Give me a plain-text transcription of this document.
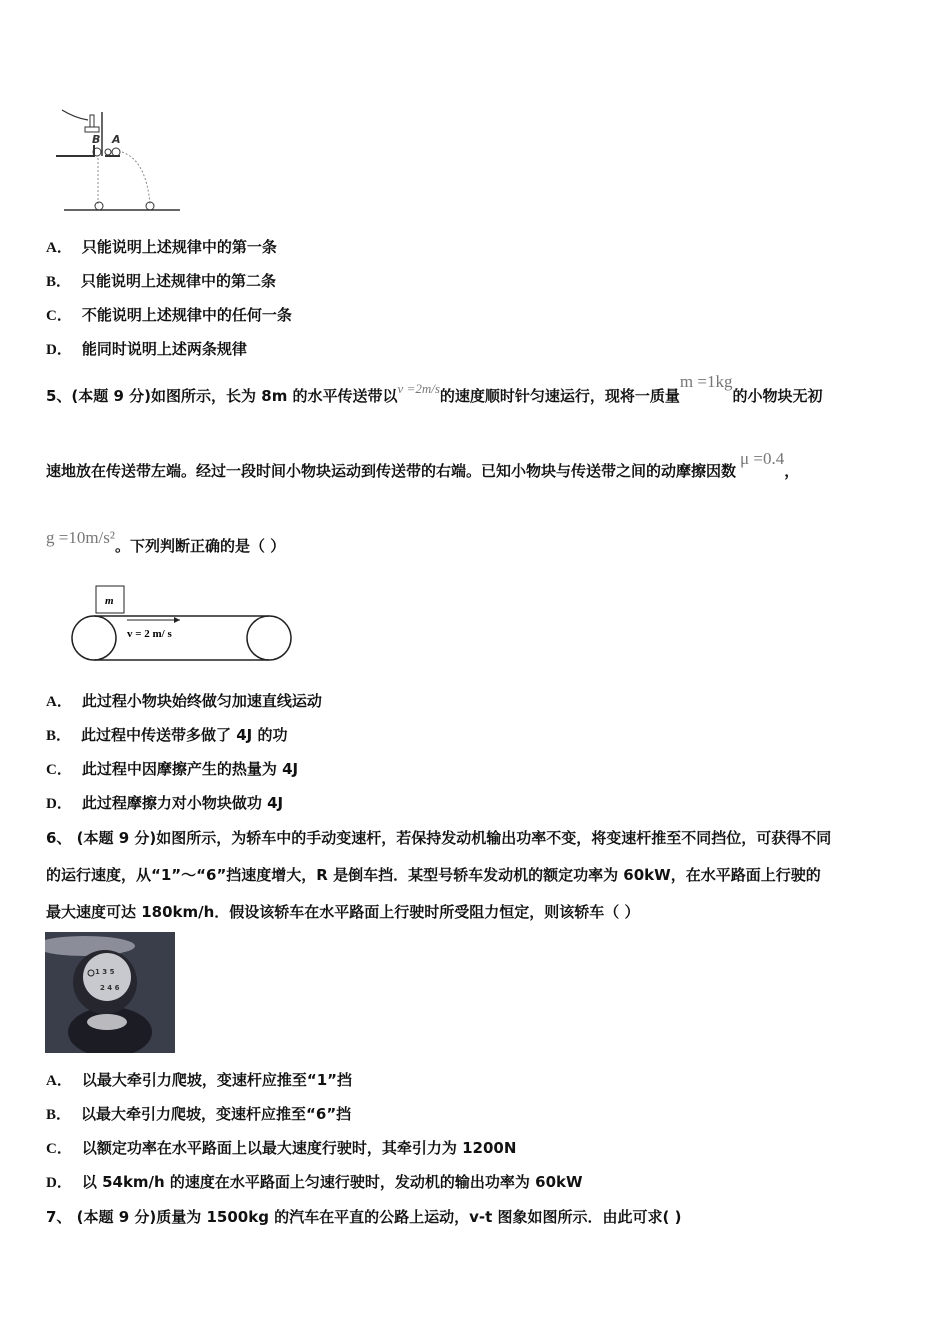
B A
A． 只能说明上述规律中的第一条
B． 只能说明上述规律中的第二条
C． 不能说明上述规律中的任何一条
D． 能同时说明上述两条规律
5、(本题 9 分)如图所示，长为 8m 的水平传送带以v =2m/s的速度顺时针匀速运行，现将一质量m =1kg的小物块无初
速地放在传送带左端。经过一段时间小物块运动到传送带的右端。已知小物块与传送带之间的动摩擦因数μ =0.4，
g =10m/s²。下列判断正确的是（ ）
m
v = 2 m/ s
A． 此过程小物块始终做匀加速直线运动
B． 此过程中传送带多做了 4J 的功
C． 此过程中因摩擦产生的热量为 4J
D． 此过程摩擦力对小物块做功 4J
6、 (本题 9 分)如图所示，为轿车中的手动变速杆，若保持发动机输出功率不变，将变速杆推至不同挡位，可获得不同
的运行速度，从“1”～“6”挡速度增大，R 是倒车挡．某型号轿车发动机的额定功率为 60kW，在水平路面上行驶的
最大速度可达 180km/h．假设该轿车在水平路面上行驶时所受阻力恒定，则该轿车（ ）
1 3 5
2 4 6
A． 以最大牵引力爬坡，变速杆应推至“1”挡
B． 以最大牵引力爬坡，变速杆应推至“6”挡
C． 以额定功率在水平路面上以最大速度行驶时，其牵引力为 1200N
D． 以 54km/h 的速度在水平路面上匀速行驶时，发动机的输出功率为 60kW
7、 (本题 9 分)质量为 1500kg 的汽车在平直的公路上运动，v-t 图象如图所示．由此可求( )
